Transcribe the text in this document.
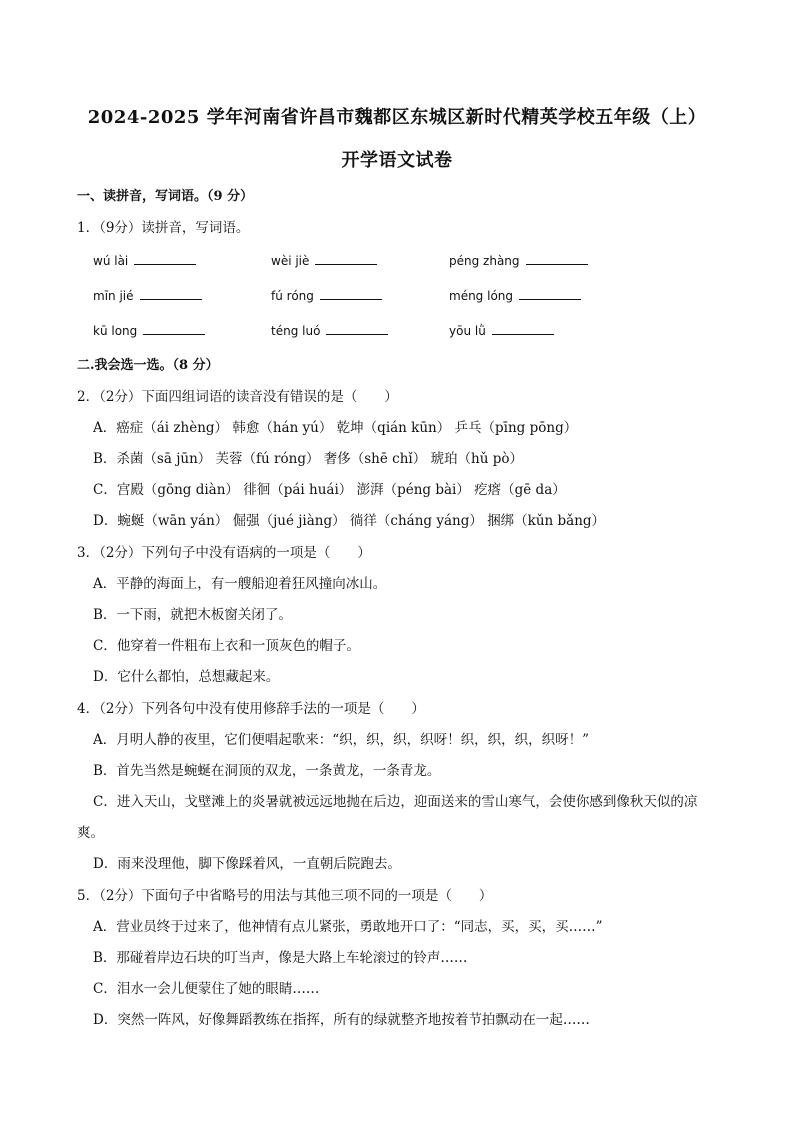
2024-2025 学年河南省许昌市魏都区东城区新时代精英学校五年级（上）
开学语文试卷
一、读拼音，写词语。（9 分）
1．（9分）读拼音，写词语。
wú lài	wèi jiè	péng zhàng
mīn jié	fú róng	méng lóng
kū long	téng luó	yōu lǜ
二.我会选一选。（8 分）
2．（2分）下面四组词语的读音没有错误的是（　　）
A．癌症（ái zhèng） 韩愈（hán yú） 乾坤（qián kūn） 乒乓（pīng pōng）
B．杀菌（sā jūn） 芙蓉（fú róng） 奢侈（shē chǐ） 琥珀（hǔ pò）
C．宫殿（gōng diàn） 徘徊（pái huái） 澎湃（péng bài） 疙瘩（gē da）
D．蜿蜒（wān yán） 倔强（jué jiàng） 徜徉（cháng yáng） 捆绑（kǔn bǎng）
3．（2分）下列句子中没有语病的一项是（　　）
A．平静的海面上，有一艘船迎着狂风撞向冰山。
B．一下雨，就把木板窗关闭了。
C．他穿着一件粗布上衣和一顶灰色的帽子。
D．它什么都怕，总想藏起来。
4．（2分）下列各句中没有使用修辞手法的一项是（　　）
A．月明人静的夜里，它们便唱起歌来：“织，织，织，织呀！织，织，织，织呀！”
B．首先当然是蜿蜒在洞顶的双龙，一条黄龙，一条青龙。
C．进入天山，戈壁滩上的炎暑就被远远地抛在后边，迎面送来的雪山寒气，会使你感到像秋天似的凉
爽。
D．雨来没理他，脚下像踩着风，一直朝后院跑去。
5．（2分）下面句子中省略号的用法与其他三项不同的一项是（　　）
A．营业员终于过来了，他神情有点儿紧张，勇敢地开口了：“同志，买，买，买……”
B．那碰着岸边石块的叮当声，像是大路上车轮滚过的铃声……
C．泪水一会儿便蒙住了她的眼睛……
D．突然一阵风，好像舞蹈教练在指挥，所有的绿就整齐地按着节拍飘动在一起……
